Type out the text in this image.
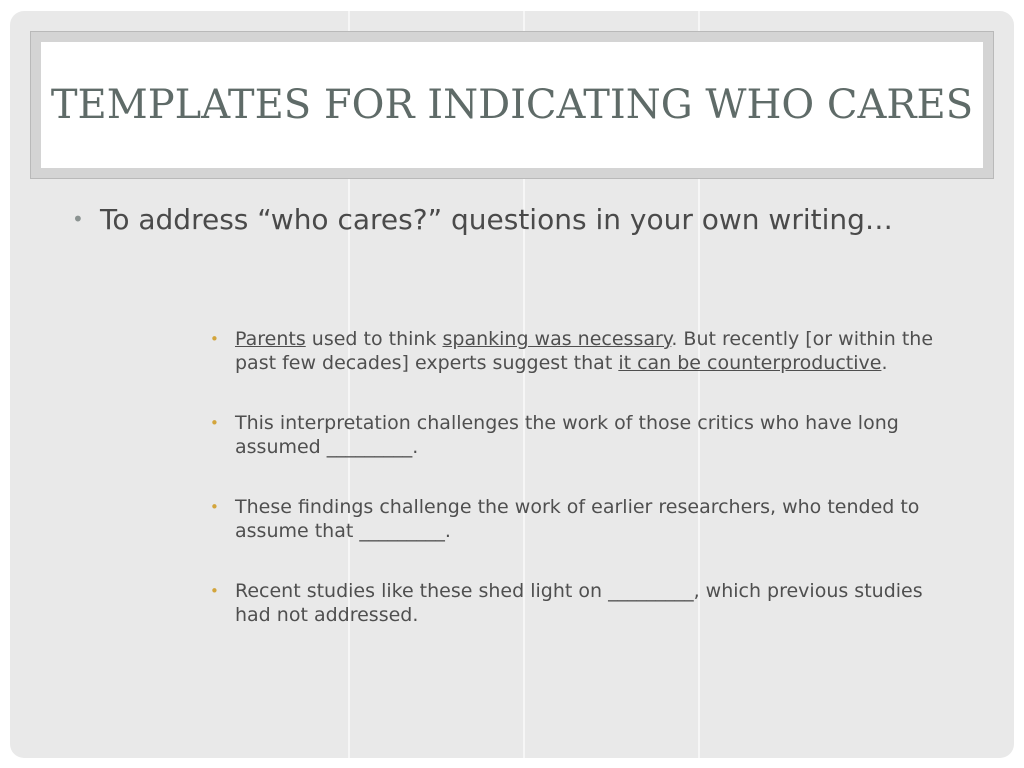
TEMPLATES FOR INDICATING WHO CARES
• To address “who cares?” questions in your own writing…
• Parents used to think spanking was necessary. But recently [or within the past few decades] experts suggest that it can be counterproductive.
• This interpretation challenges the work of those critics who have long assumed _________.
• These findings challenge the work of earlier researchers, who tended to assume that _________.
• Recent studies like these shed light on _________, which previous studies had not addressed.
